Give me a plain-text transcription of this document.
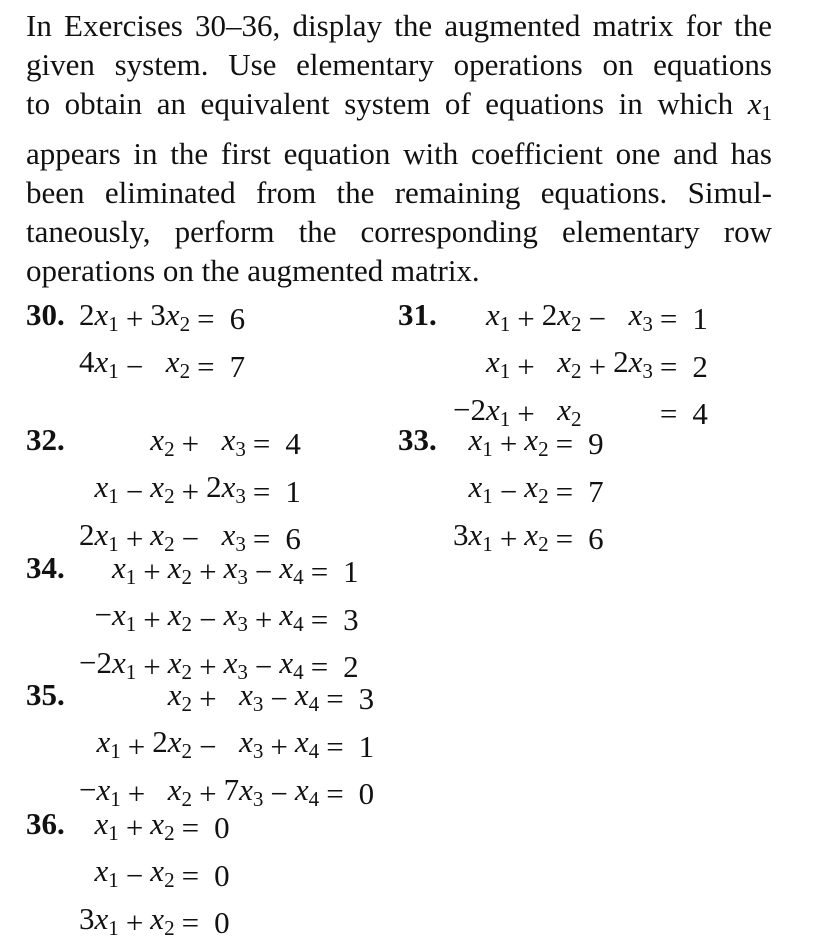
In Exercises 30–36, display the augmented matrix for the
given system. Use elementary operations on equations
to obtain an equivalent system of equations in which $x_1$
appears in the first equation with coefficient one and has
been eliminated from the remaining equations. Simul-
taneously, perform the corresponding elementary row
operations on the augmented matrix.
30. $2x_1$	+	$3x_2$	=	6
$4x_1$	−	$x_2$	=	7
31. $x_1$	+	$2x_2$	−	$x_3$	=	1
$x_1$	+	$x_2$	+	$2x_3$	=	2
$-2x_1$	+	$x_2$			=	4
32.
			$x_2$	+	$x_3$	=	4
$x_1$	−	$x_2$	+	$2x_3$	=	1
$2x_1$	+	$x_2$	−	$x_3$	=	6
33. $x_1$	+	$x_2$	=	9
$x_1$	−	$x_2$	=	7
$3x_1$	+	$x_2$	=	6
34. $x_1$	+	$x_2$	+	$x_3$	−	$x_4$	=	1
$-x_1$	+	$x_2$	−	$x_3$	+	$x_4$	=	3
$-2x_1$	+	$x_2$	+	$x_3$	−	$x_4$	=	2
35.
			$x_2$	+	$x_3$	−	$x_4$	=	3
$x_1$	+	$2x_2$	−	$x_3$	+	$x_4$	=	1
$-x_1$	+	$x_2$	+	$7x_3$	−	$x_4$	=	0
36. $x_1$	+	$x_2$	=	0
$x_1$	−	$x_2$	=	0
$3x_1$	+	$x_2$	=	0
